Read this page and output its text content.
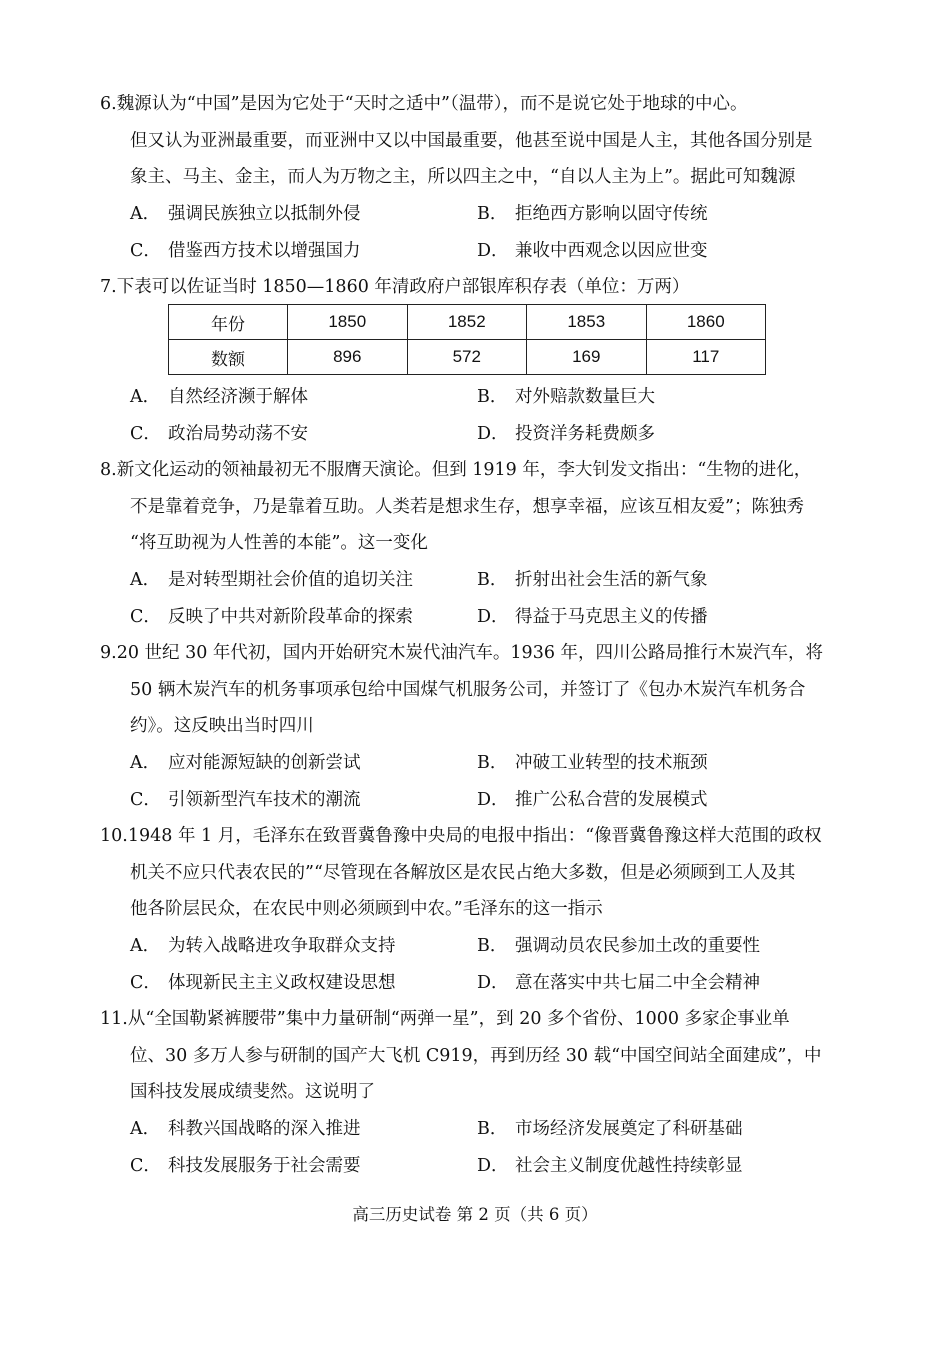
6.魏源认为“中国”是因为它处于“天时之适中”（温带），而不是说它处于地球的中心。
但又认为亚洲最重要，而亚洲中又以中国最重要，他甚至说中国是人主，其他各国分别是
象主、马主、金主，而人为万物之主，所以四主之中，“自以人主为上”。据此可知魏源
A． 强调民族独立以抵制外侵	B． 拒绝西方影响以固守传统
C． 借鉴西方技术以增强国力	D． 兼收中西观念以因应世变
7.下表可以佐证当时 1850—1860 年清政府户部银库积存表（单位：万两）
年份	1850	1852	1853	1860
数额	896	572	169	117
A． 自然经济濒于解体	B． 对外赔款数量巨大
C． 政治局势动荡不安	D． 投资洋务耗费颇多
8.新文化运动的领袖最初无不服膺天演论。但到 1919 年，李大钊发文指出：“生物的进化，
不是靠着竞争，乃是靠着互助。人类若是想求生存，想享幸福，应该互相友爱”；陈独秀
“将互助视为人性善的本能”。这一变化
A． 是对转型期社会价值的追切关注	B． 折射出社会生活的新气象
C． 反映了中共对新阶段革命的探索	D． 得益于马克思主义的传播
9.20 世纪 30 年代初，国内开始研究木炭代油汽车。1936 年，四川公路局推行木炭汽车，将
50 辆木炭汽车的机务事项承包给中国煤气机服务公司，并签订了《包办木炭汽车机务合
约》。这反映出当时四川
A． 应对能源短缺的创新尝试	B． 冲破工业转型的技术瓶颈
C． 引领新型汽车技术的潮流	D． 推广公私合营的发展模式
10.1948 年 1 月，毛泽东在致晋冀鲁豫中央局的电报中指出：“像晋冀鲁豫这样大范围的政权
机关不应只代表农民的”“尽管现在各解放区是农民占绝大多数，但是必须顾到工人及其
他各阶层民众，在农民中则必须顾到中农。”毛泽东的这一指示
A． 为转入战略进攻争取群众支持	B． 强调动员农民参加土改的重要性
C． 体现新民主主义政权建设思想	D． 意在落实中共七届二中全会精神
11.从“全国勒紧裤腰带”集中力量研制“两弹一星”，到 20 多个省份、1000 多家企事业单
位、30 多万人参与研制的国产大飞机 C919，再到历经 30 载“中国空间站全面建成”，中
国科技发展成绩斐然。这说明了
A． 科教兴国战略的深入推进	B． 市场经济发展奠定了科研基础
C． 科技发展服务于社会需要	D． 社会主义制度优越性持续彰显
高三历史试卷 第 2 页（共 6 页）
